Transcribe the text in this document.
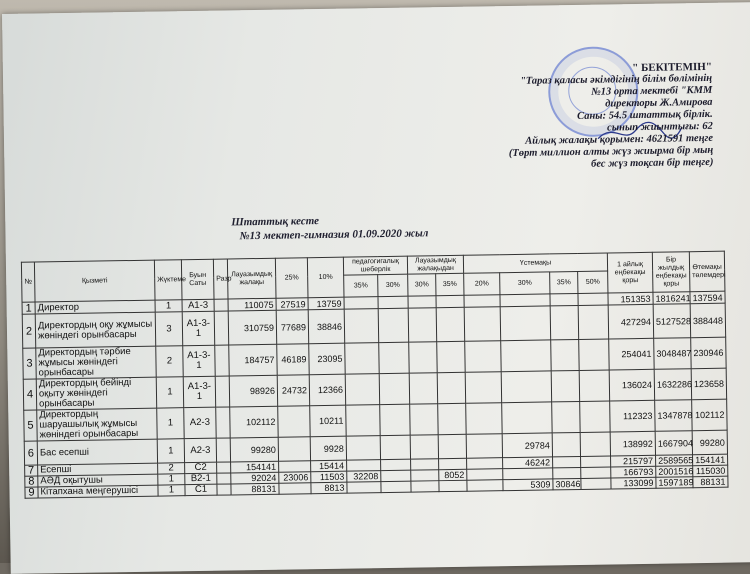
" БЕКІТЕМІН"
"Тараз қаласы әкімдігінің білім бөлімінің
№13 орта мектебі "КММ
директоры Ж.Амирова
Саны: 54.5 штаттық бірлік.
сынып жиынтығы: 62
Айлық жалақы қорымен: 4621591 теңге
(Төрт миллион алты жүз жиырма бір мың
бес жүз тоқсан бір теңге)
Штаттық кесте
№13 мектеп-гимназия 01.09.2020 жыл
№	Қызметі	Жүктеме	Буын Саты	Разр	Лауазымдық жалақы	25%	10%	педагогигалық шеберлік		Лауазымдық жалақыдан		Үстемақы				1 айлық еңбекақы қоры	Бір жылдық еңбекақы қоры	Өтемақы төлемдері
								35%	30%	30%	35%	20%	30%	35%	50%			
1	Директор	1	А1-3		110075	27519	13759									151353	1816241	137594
2	Директордың оқу жұмысы жөніндегі орынбасары	3	А1-3-1		310759	77689	38846									427294	5127528	388448
3	Директордың тәрбие жұмысы жөніндегі орынбасары	2	А1-3-1		184757	46189	23095									254041	3048487	230946
4	Директордың бейінді оқыту жөніндегі орынбасары	1	А1-3-1		98926	24732	12366									136024	1632286	123658
5	Директордың шаруашылық жұмысы жөніндегі орынбасары	1	А2-3		102112		10211									112323	1347878	102112
6	Бас есепші	1	А2-3		99280		9928						29784			138992	1667904	99280
7	Есепші	2	С2		154141		15414						46242			215797	2589565	154141
8	АӘД оқытушы	1	В2-1		92024	23006	11503	32208			8052					166793	2001516	115030
9	Кітапхана меңгерушісі	1	С1		88131		8813						5309	30846		133099	1597189	88131
